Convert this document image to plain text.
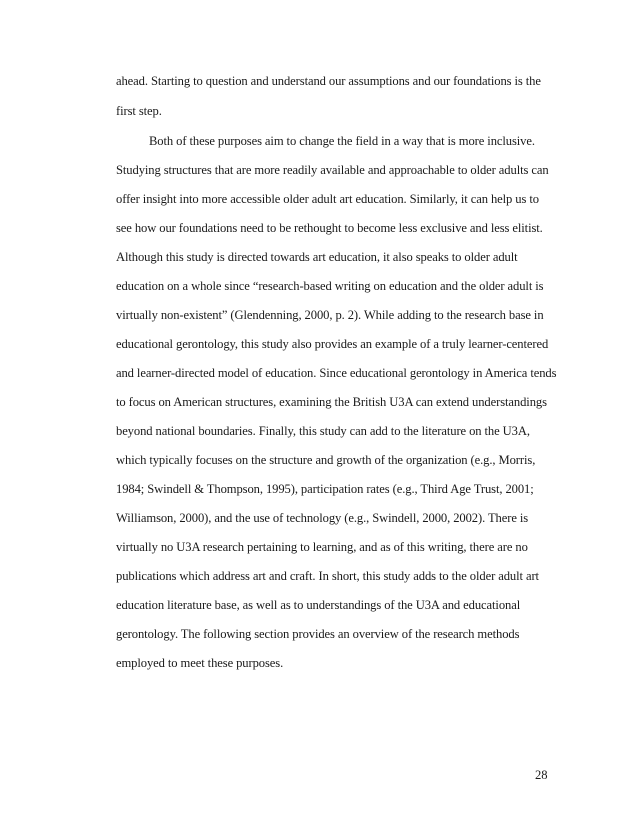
ahead. Starting to question and understand our assumptions and our foundations is the
first step.
Both of these purposes aim to change the field in a way that is more inclusive.
Studying structures that are more readily available and approachable to older adults can
offer insight into more accessible older adult art education. Similarly, it can help us to
see how our foundations need to be rethought to become less exclusive and less elitist.
Although this study is directed towards art education, it also speaks to older adult
education on a whole since “research-based writing on education and the older adult is
virtually non-existent” (Glendenning, 2000, p. 2). While adding to the research base in
educational gerontology, this study also provides an example of a truly learner-centered
and learner-directed model of education. Since educational gerontology in America tends
to focus on American structures, examining the British U3A can extend understandings
beyond national boundaries. Finally, this study can add to the literature on the U3A,
which typically focuses on the structure and growth of the organization (e.g., Morris,
1984; Swindell & Thompson, 1995), participation rates (e.g., Third Age Trust, 2001;
Williamson, 2000), and the use of technology (e.g., Swindell, 2000, 2002). There is
virtually no U3A research pertaining to learning, and as of this writing, there are no
publications which address art and craft. In short, this study adds to the older adult art
education literature base, as well as to understandings of the U3A and educational
gerontology. The following section provides an overview of the research methods
employed to meet these purposes.
28
